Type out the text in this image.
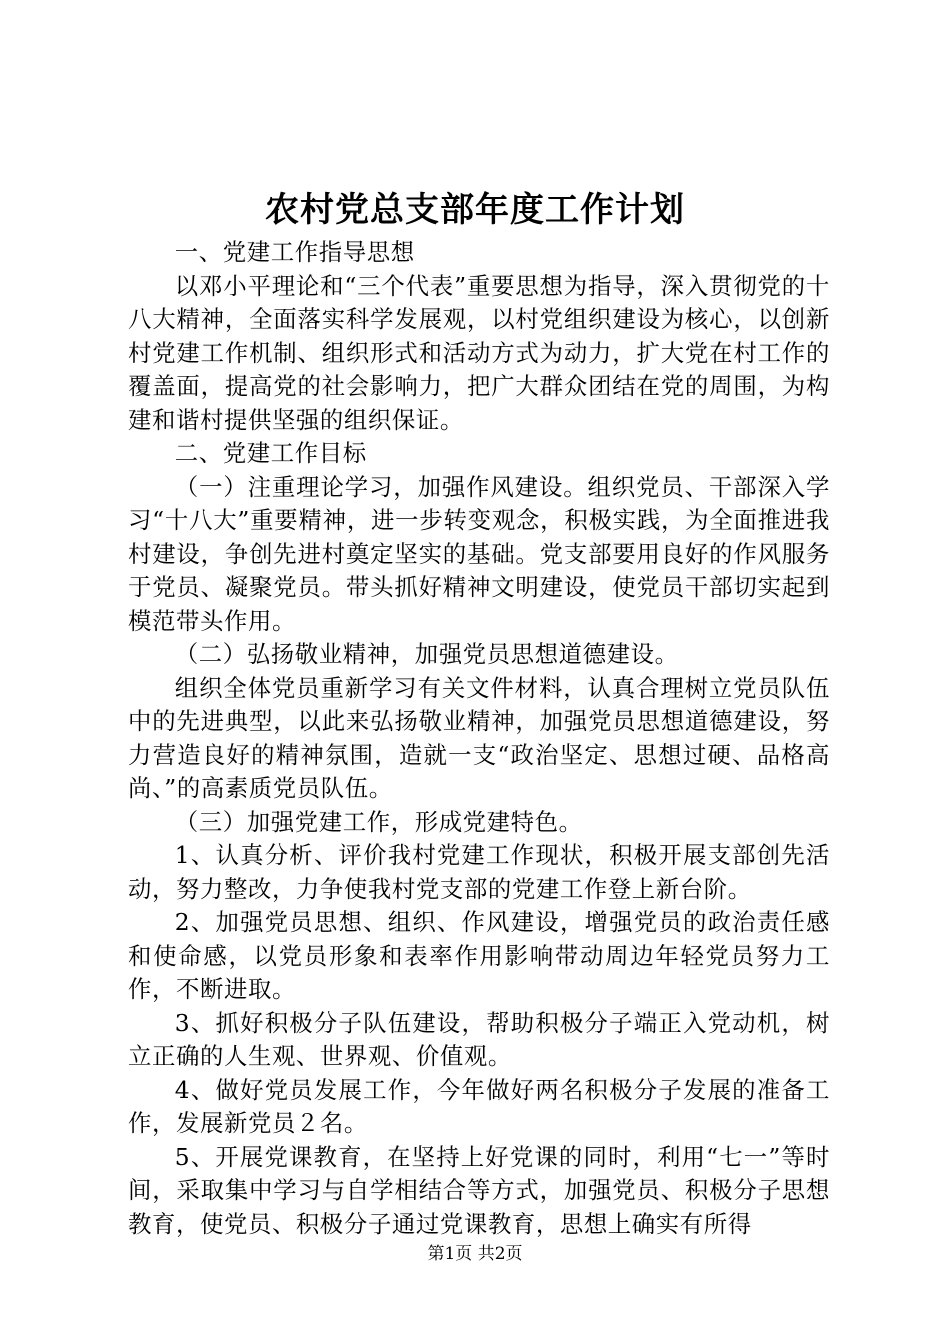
农村党总支部年度工作计划

一、党建工作指导思想

以邓小平理论和“三个代表”重要思想为指导，深入贯彻党的十八大精神，全面落实科学发展观，以村党组织建设为核心，以创新村党建工作机制、组织形式和活动方式为动力，扩大党在村工作的覆盖面，提高党的社会影响力，把广大群众团结在党的周围，为构建和谐村提供坚强的组织保证。

二、党建工作目标

（一）注重理论学习，加强作风建设。组织党员、干部深入学习“十八大”重要精神，进一步转变观念，积极实践，为全面推进我村建设，争创先进村奠定坚实的基础。党支部要用良好的作风服务于党员、凝聚党员。带头抓好精神文明建设，使党员干部切实起到模范带头作用。

（二）弘扬敬业精神，加强党员思想道德建设。

组织全体党员重新学习有关文件材料，认真合理树立党员队伍中的先进典型，以此来弘扬敬业精神，加强党员思想道德建设，努力营造良好的精神氛围，造就一支“政治坚定、思想过硬、品格高尚、”的高素质党员队伍。

（三）加强党建工作，形成党建特色。

1、认真分析、评价我村党建工作现状，积极开展支部创先活动，努力整改，力争使我村党支部的党建工作登上新台阶。

2、加强党员思想、组织、作风建设，增强党员的政治责任感和使命感，以党员形象和表率作用影响带动周边年轻党员努力工作，不断进取。

3、抓好积极分子队伍建设，帮助积极分子端正入党动机，树立正确的人生观、世界观、价值观。

4、做好党员发展工作，今年做好两名积极分子发展的准备工作，发展新党员２名。

5、开展党课教育，在坚持上好党课的同时，利用“七一”等时间，采取集中学习与自学相结合等方式，加强党员、积极分子思想教育，使党员、积极分子通过党课教育，思想上确实有所得

第1页 共2页
